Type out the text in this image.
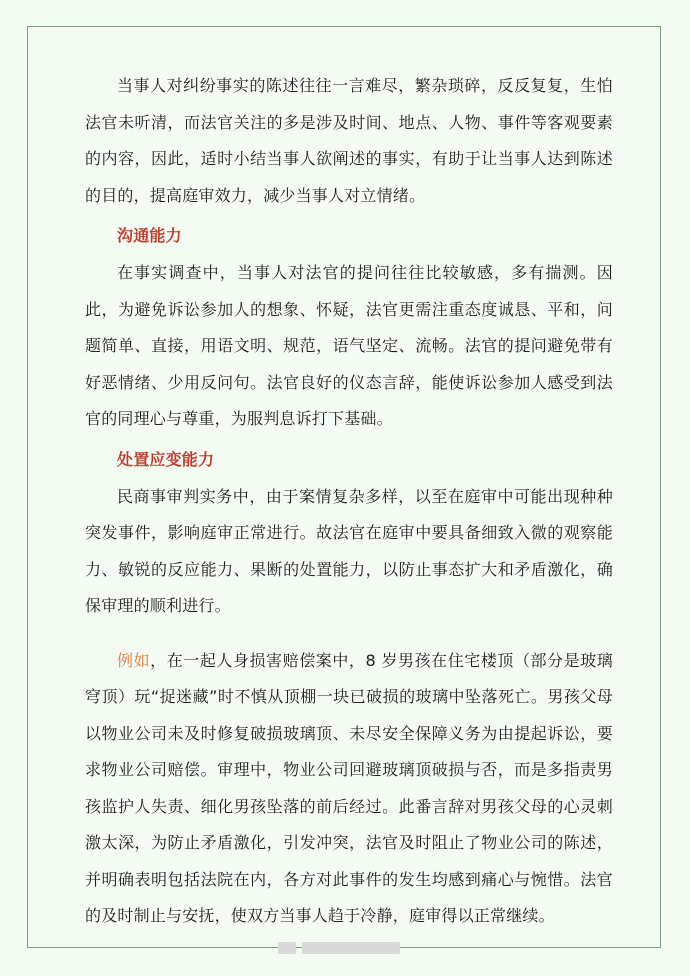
当事人对纠纷事实的陈述往往一言难尽，繁杂琐碎，反反复复，生怕法官未听清，而法官关注的多是涉及时间、地点、人物、事件等客观要素的内容，因此，适时小结当事人欲阐述的事实，有助于让当事人达到陈述的目的，提高庭审效力，减少当事人对立情绪。

沟通能力

在事实调查中，当事人对法官的提问往往比较敏感，多有揣测。因此，为避免诉讼参加人的想象、怀疑，法官更需注重态度诚恳、平和，问题简单、直接，用语文明、规范，语气坚定、流畅。法官的提问避免带有好恶情绪、少用反问句。法官良好的仪态言辞，能使诉讼参加人感受到法官的同理心与尊重，为服判息诉打下基础。

处置应变能力

民商事审判实务中，由于案情复杂多样，以至在庭审中可能出现种种突发事件，影响庭审正常进行。故法官在庭审中要具备细致入微的观察能力、敏锐的反应能力、果断的处置能力，以防止事态扩大和矛盾激化，确保审理的顺利进行。

例如，在一起人身损害赔偿案中，8 岁男孩在住宅楼顶（部分是玻璃穹顶）玩“捉迷藏”时不慎从顶棚一块已破损的玻璃中坠落死亡。男孩父母以物业公司未及时修复破损玻璃顶、未尽安全保障义务为由提起诉讼，要求物业公司赔偿。审理中，物业公司回避玻璃顶破损与否，而是多指责男孩监护人失责、细化男孩坠落的前后经过。此番言辞对男孩父母的心灵刺激太深，为防止矛盾激化，引发冲突，法官及时阻止了物业公司的陈述，并明确表明包括法院在内，各方对此事件的发生均感到痛心与惋惜。法官的及时制止与安抚，使双方当事人趋于冷静，庭审得以正常继续。
